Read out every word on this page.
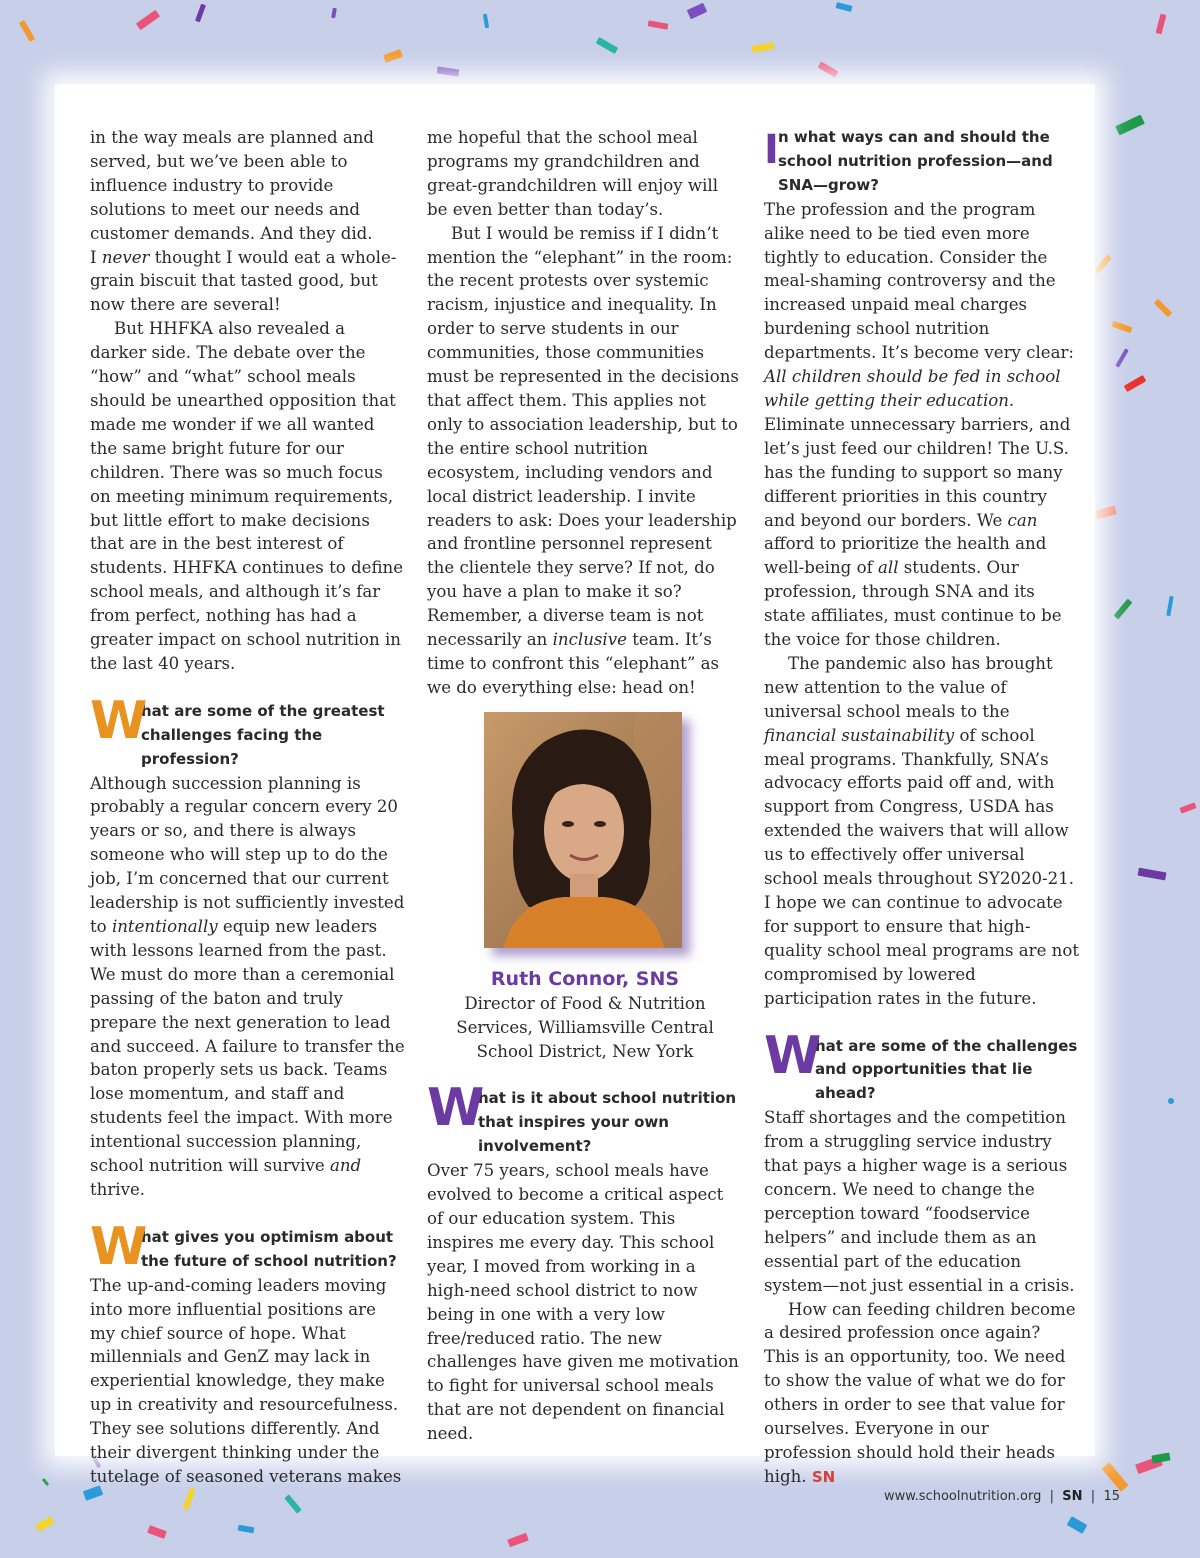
in the way meals are planned and served, but we’ve been able to influence industry to provide solutions to meet our needs and customer demands. And they did.

I never thought I would eat a whole-grain biscuit that tasted good, but now there are several!

But HHFKA also revealed a darker side. The debate over the “how” and “what” school meals should be unearthed opposition that made me wonder if we all wanted the same bright future for our children. There was so much focus on meeting minimum requirements, but little effort to make decisions that are in the best interest of students. HHFKA continues to define school meals, and although it’s far from perfect, nothing has had a greater impact on school nutrition in the last 40 years.

W
hat are some of the greatest challenges facing the profession?

Although succession planning is probably a regular concern every 20 years or so, and there is always someone who will step up to do the job, I’m concerned that our current leadership is not sufficiently invested to intentionally equip new leaders with lessons learned from the past. We must do more than a ceremonial passing of the baton and truly prepare the next generation to lead and succeed. A failure to transfer the baton properly sets us back. Teams lose momentum, and staff and students feel the impact. With more intentional succession planning, school nutrition will survive and thrive.

W
hat gives you optimism about the future of school nutrition?

The up-and-coming leaders moving into more influential positions are my chief source of hope. What millennials and GenZ may lack in experiential knowledge, they make up in creativity and resourcefulness. They see solutions differently. And their divergent thinking under the tutelage of seasoned veterans makes

me hopeful that the school meal programs my grandchildren and great-grandchildren will enjoy will be even better than today’s.

But I would be remiss if I didn’t mention the “elephant” in the room: the recent protests over systemic racism, injustice and inequality. In order to serve students in our communities, those communities must be represented in the decisions that affect them. This applies not only to association leadership, but to the entire school nutrition ecosystem, including vendors and local district leadership. I invite readers to ask: Does your leadership and frontline personnel represent the clientele they serve? If not, do you have a plan to make it so? Remember, a diverse team is not necessarily an inclusive team. It’s time to confront this “elephant” as we do everything else: head on!

Ruth Connor, SNS
Director of Food & Nutrition Services, Williamsville Central School District, New York
W
hat is it about school nutrition that inspires your own involvement?

Over 75 years, school meals have evolved to become a critical aspect of our education system. This inspires me every day. This school year, I moved from working in a high-need school district to now being in one with a very low free/reduced ratio. The new challenges have given me motivation to fight for universal school meals that are not dependent on financial need.

I n what ways can and should the school nutrition profession—and SNA—grow?

The profession and the program alike need to be tied even more tightly to education. Consider the meal-shaming controversy and the increased unpaid meal charges burdening school nutrition departments. It’s become very clear: All children should be fed in school while getting their education. Eliminate unnecessary barriers, and let’s just feed our children! The U.S. has the funding to support so many different priorities in this country and beyond our borders. We can afford to prioritize the health and well-being of all students. Our profession, through SNA and its state affiliates, must continue to be the voice for those children.

The pandemic also has brought new attention to the value of universal school meals to the financial sustainability of school meal programs. Thankfully, SNA’s advocacy efforts paid off and, with support from Congress, USDA has extended the waivers that will allow us to effectively offer universal school meals throughout SY2020-21. I hope we can continue to advocate for support to ensure that high-quality school meal programs are not compromised by lowered participation rates in the future.

W
hat are some of the challenges and opportunities that lie ahead?

Staff shortages and the competition from a struggling service industry that pays a higher wage is a serious concern. We need to change the perception toward “foodservice helpers” and include them as an essential part of the education system—not just essential in a crisis.

How can feeding children become a desired profession once again? This is an opportunity, too. We need to show the value of what we do for others in order to see that value for ourselves. Everyone in our profession should hold their heads high. SN

www.schoolnutrition.org | SN | 15
